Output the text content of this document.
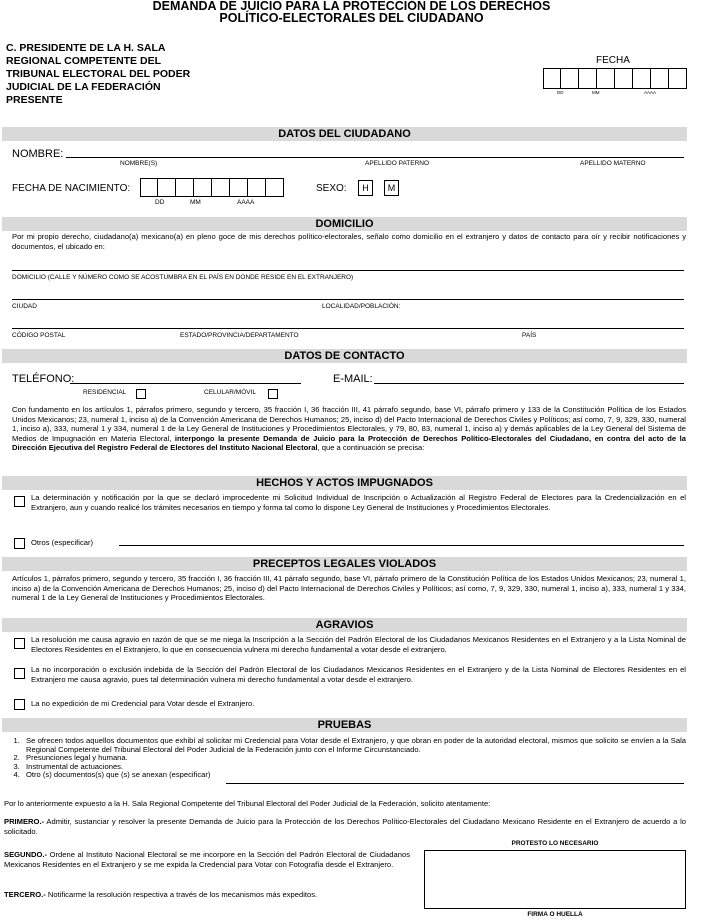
DEMANDA DE JUICIO PARA LA PROTECCIÓN DE LOS DERECHOS
POLÍTICO-ELECTORALES DEL CIUDADANO
C. PRESIDENTE DE LA H. SALA
REGIONAL COMPETENTE DEL
TRIBUNAL ELECTORAL DEL PODER
JUDICIAL DE LA FEDERACIÓN
PRESENTE
FECHA
DD	MM	AAAA
DATOS DEL CIUDADANO
NOMBRE:
NOMBRE(S)	APELLIDO PATERNO	APELLIDO MATERNO
FECHA DE NACIMIENTO:
DD	MM	AAAA
SEXO:	H	M
DOMICILIO
Por mi propio derecho, ciudadano(a) mexicano(a) en pleno goce de mis derechos político-electorales, señalo como domicilio en el extranjero y datos de contacto para oír y recibir notificaciones y documentos, el ubicado en:
DOMICILIO (CALLE Y NÚMERO COMO SE ACOSTUMBRA EN EL PAÍS EN DONDE RESIDE EN EL EXTRANJERO)
CIUDAD	LOCALIDAD/POBLACIÓN:
CÓDIGO POSTAL	ESTADO/PROVINCIA/DEPARTAMENTO	PAÍS
DATOS DE CONTACTO
TELÉFONO:	E-MAIL:
RESIDENCIAL	CELULAR/MÓVIL
Con fundamento en los artículos 1, párrafos primero, segundo y tercero, 35 fracción I, 36 fracción III, 41 párrafo segundo, base VI, párrafo primero y 133 de la Constitución Política de los Estados Unidos Mexicanos; 23, numeral 1, inciso a) de la Convención Americana de Derechos Humanos; 25, inciso d) del Pacto Internacional de Derechos Civiles y Políticos; así como, 7, 9, 329, 330, numeral 1, inciso a), 333, numeral 1 y 334, numeral 1 de la Ley General de Instituciones y Procedimientos Electorales, y 79, 80, 83, numeral 1, inciso a) y demás aplicables de la Ley General del Sistema de Medios de Impugnación en Materia Electoral, interpongo la presente Demanda de Juicio para la Protección de Derechos Político-Electorales del Ciudadano, en contra del acto de la Dirección Ejecutiva del Registro Federal de Electores del Instituto Nacional Electoral, que a continuación se precisa:
HECHOS Y ACTOS IMPUGNADOS
La determinación y notificación por la que se declaró improcedente mi Solicitud Individual de Inscripción o Actualización al Registro Federal de Electores para la Credencialización en el Extranjero, aun y cuando realicé los trámites necesarios en tiempo y forma tal como lo dispone Ley General de Instituciones y Procedimientos Electorales.
Otros (especificar)
PRECEPTOS LEGALES VIOLADOS
Artículos 1, párrafos primero, segundo y tercero, 35 fracción I, 36 fracción III, 41 párrafo segundo, base VI, párrafo primero de la Constitución Política de los Estados Unidos Mexicanos; 23, numeral 1, inciso a) de la Convención Americana de Derechos Humanos; 25, inciso d) del Pacto Internacional de Derechos Civiles y Políticos; así como, 7, 9, 329, 330, numeral 1, inciso a), 333, numeral 1 y 334, numeral 1 de la Ley General de Instituciones y Procedimientos Electorales.
AGRAVIOS
La resolución me causa agravio en razón de que se me niega la Inscripción a la Sección del Padrón Electoral de los Ciudadanos Mexicanos Residentes en el Extranjero y a la Lista Nominal de Electores Residentes en el Extranjero, lo que en consecuencia vulnera mi derecho fundamental a votar desde el extranjero.
La no incorporación o exclusión indebida de la Sección del Padrón Electoral de los Ciudadanos Mexicanos Residentes en el Extranjero y de la Lista Nominal de Electores Residentes en el Extranjero me causa agravio, pues tal determinación vulnera mi derecho fundamental a votar desde el extranjero.
La no expedición de mi Credencial para Votar desde el Extranjero.
PRUEBAS
1. Se ofrecen todos aquellos documentos que exhibí al solicitar mi Credencial para Votar desde el Extranjero, y que obran en poder de la autoridad electoral, mismos que solicito se envíen a la Sala Regional Competente del Tribunal Electoral del Poder Judicial de la Federación junto con el Informe Circunstanciado.
2. Presunciones legal y humana.
3. Instrumental de actuaciones.
4. Otro (s) documentos(s) que (s) se anexan (especificar)
Por lo anteriormente expuesto a la H. Sala Regional Competente del Tribunal Electoral del Poder Judicial de la Federación, solicito atentamente:
PRIMERO.- Admitir, sustanciar y resolver la presente Demanda de Juicio para la Protección de los Derechos Político-Electorales del Ciudadano Mexicano Residente en el Extranjero de acuerdo a lo solicitado.
SEGUNDO.- Ordene al Instituto Nacional Electoral se me incorpore en la Sección del Padrón Electoral de Ciudadanos Mexicanos Residentes en el Extranjero y se me expida la Credencial para Votar con Fotografía desde el Extranjero.
TERCERO.- Notificarme la resolución respectiva a través de los mecanismos más expeditos.
PROTESTO LO NECESARIO
FIRMA O HUELLA
